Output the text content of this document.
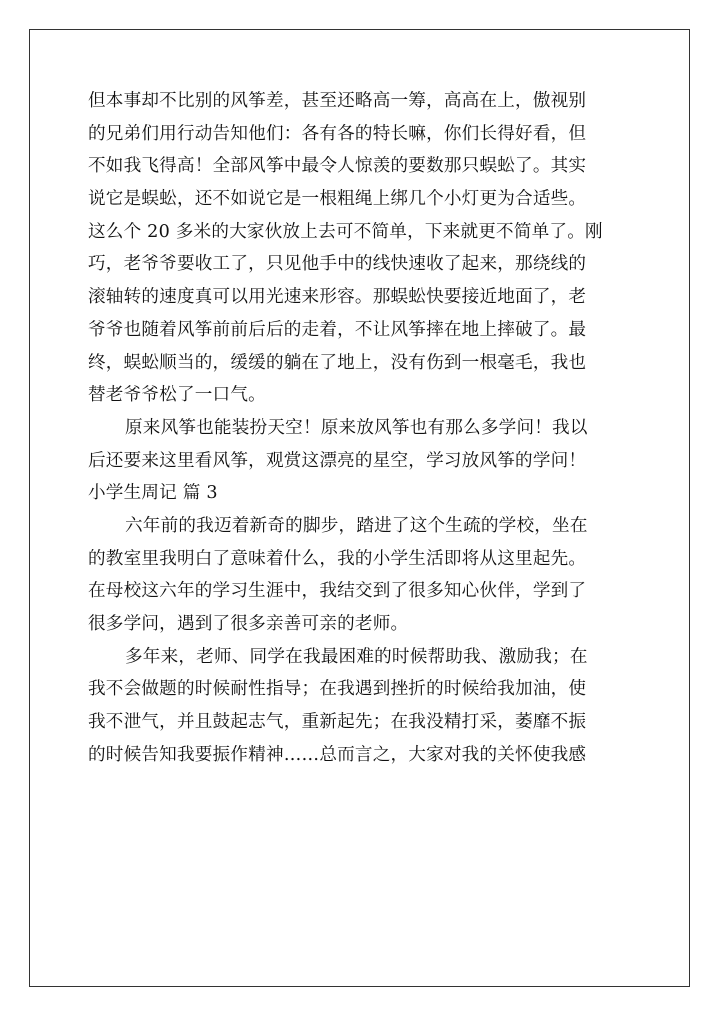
但本事却不比别的风筝差，甚至还略高一筹，高高在上，傲视别
的兄弟们用行动告知他们：各有各的特长嘛，你们长得好看，但
不如我飞得高！全部风筝中最令人惊羡的要数那只蜈蚣了。其实
说它是蜈蚣，还不如说它是一根粗绳上绑几个小灯更为合适些。
这么个 20 多米的大家伙放上去可不简单，下来就更不简单了。刚
巧，老爷爷要收工了，只见他手中的线快速收了起来，那绕线的
滚轴转的速度真可以用光速来形容。那蜈蚣快要接近地面了，老
爷爷也随着风筝前前后后的走着，不让风筝摔在地上摔破了。最
终，蜈蚣顺当的，缓缓的躺在了地上，没有伤到一根毫毛，我也
替老爷爷松了一口气。
原来风筝也能装扮天空！原来放风筝也有那么多学问！我以
后还要来这里看风筝，观赏这漂亮的星空，学习放风筝的学问！
小学生周记 篇 3
六年前的我迈着新奇的脚步，踏进了这个生疏的学校，坐在
的教室里我明白了意味着什么，我的小学生活即将从这里起先。
在母校这六年的学习生涯中，我结交到了很多知心伙伴，学到了
很多学问，遇到了很多亲善可亲的老师。
多年来，老师、同学在我最困难的时候帮助我、激励我；在
我不会做题的时候耐性指导；在我遇到挫折的时候给我加油，使
我不泄气，并且鼓起志气，重新起先；在我没精打采，萎靡不振
的时候告知我要振作精神……总而言之，大家对我的关怀使我感
